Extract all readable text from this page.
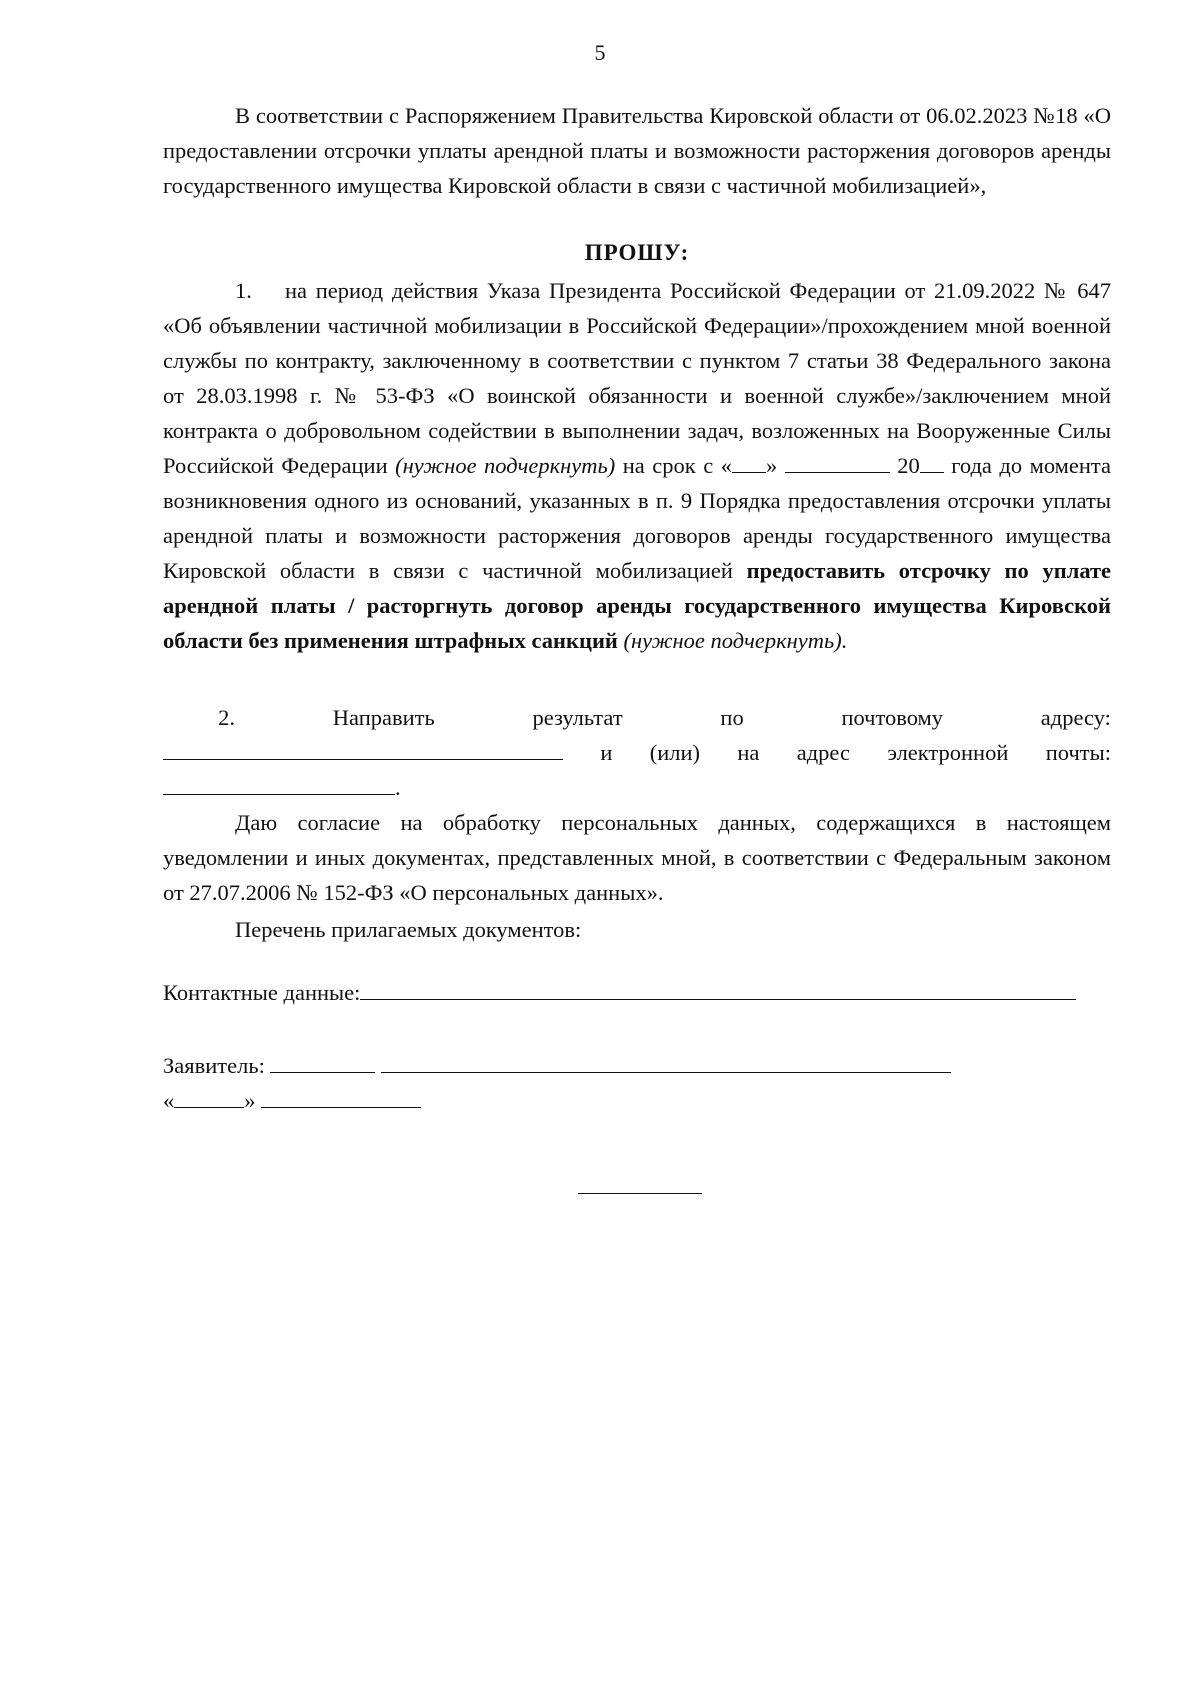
5
В соответствии с Распоряжением Правительства Кировской области от 06.02.2023 №18 «О предоставлении отсрочки уплаты арендной платы и возможности расторжения договоров аренды государственного имущества Кировской области в связи с частичной мобилизацией»,
ПРОШУ:
1. на период действия Указа Президента Российской Федерации от 21.09.2022 № 647 «Об объявлении частичной мобилизации в Российской Федерации»/прохождением мной военной службы по контракту, заключенному в соответствии с пунктом 7 статьи 38 Федерального закона от 28.03.1998 г. № 53-ФЗ «О воинской обязанности и военной службе»/заключением мной контракта о добровольном содействии в выполнении задач, возложенных на Вооруженные Силы Российской Федерации (нужное подчеркнуть) на срок с « »	20 года до момента возникновения одного из оснований, указанных в п. 9 Порядка предоставления отсрочки уплаты арендной платы и возможности расторжения договоров аренды государственного имущества Кировской области в связи с частичной мобилизацией предоставить отсрочку по уплате арендной платы / расторгнуть договор аренды государственного имущества Кировской области без применения штрафных санкций (нужное подчеркнуть).
2.	Направить	результат	по	почтовому	адресу:
и (или) на адрес электронной почты:
.
Даю согласие на обработку персональных данных, содержащихся в настоящем уведомлении и иных документах, представленных мной, в соответствии с Федеральным законом от 27.07.2006 № 152-ФЗ «О персональных данных».
Перечень прилагаемых документов:
Контактные данные:
Заявитель:
«	»
